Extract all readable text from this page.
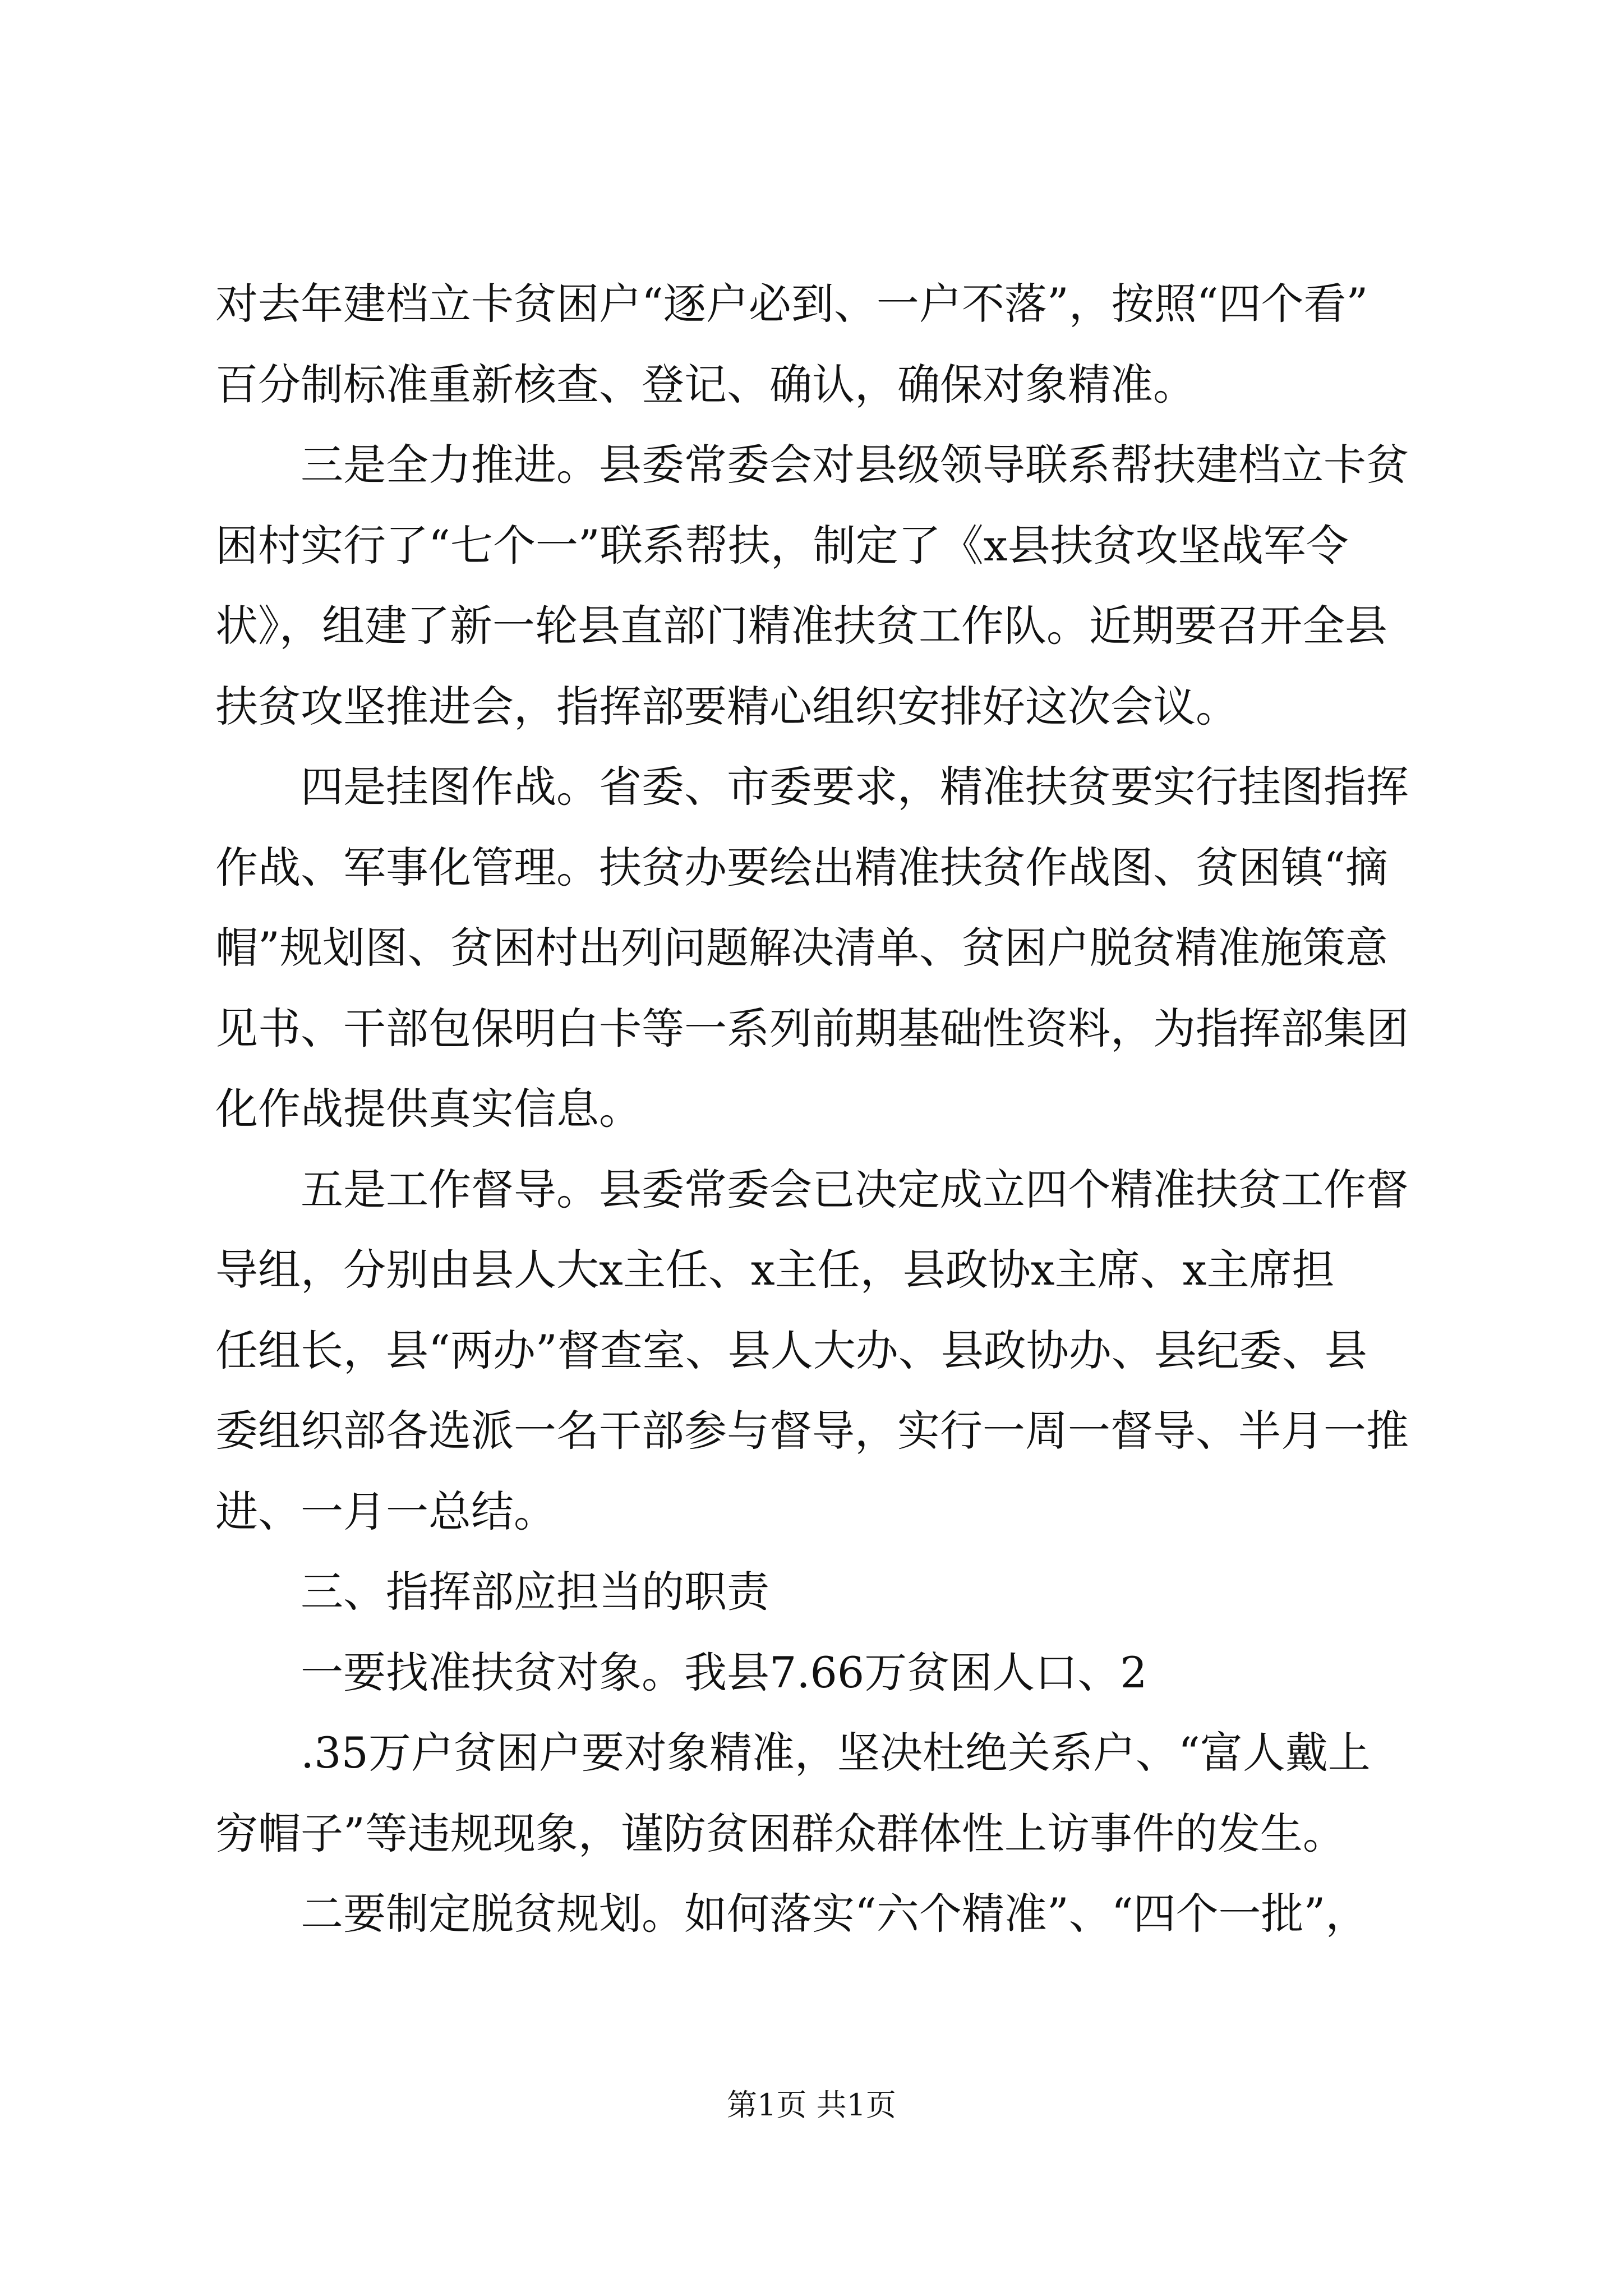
对去年建档立卡贫困户“逐户必到、一户不落”，按照“四个看”
百分制标准重新核查、登记、确认，确保对象精准。
三是全力推进。县委常委会对县级领导联系帮扶建档立卡贫
困村实行了“七个一”联系帮扶，制定了《x县扶贫攻坚战军令
状》，组建了新一轮县直部门精准扶贫工作队。近期要召开全县
扶贫攻坚推进会，指挥部要精心组织安排好这次会议。
四是挂图作战。省委、市委要求，精准扶贫要实行挂图指挥
作战、军事化管理。扶贫办要绘出精准扶贫作战图、贫困镇“摘
帽”规划图、贫困村出列问题解决清单、贫困户脱贫精准施策意
见书、干部包保明白卡等一系列前期基础性资料，为指挥部集团
化作战提供真实信息。
五是工作督导。县委常委会已决定成立四个精准扶贫工作督
导组，分别由县人大x主任、x主任，县政协x主席、x主席担
任组长，县“两办”督查室、县人大办、县政协办、县纪委、县
委组织部各选派一名干部参与督导，实行一周一督导、半月一推
进、一月一总结。
三、指挥部应担当的职责
一要找准扶贫对象。我县7.66万贫困人口、2
.35万户贫困户要对象精准，坚决杜绝关系户、“富人戴上
穷帽子”等违规现象，谨防贫困群众群体性上访事件的发生。
二要制定脱贫规划。如何落实“六个精准”、“四个一批”，
第1页 共1页
